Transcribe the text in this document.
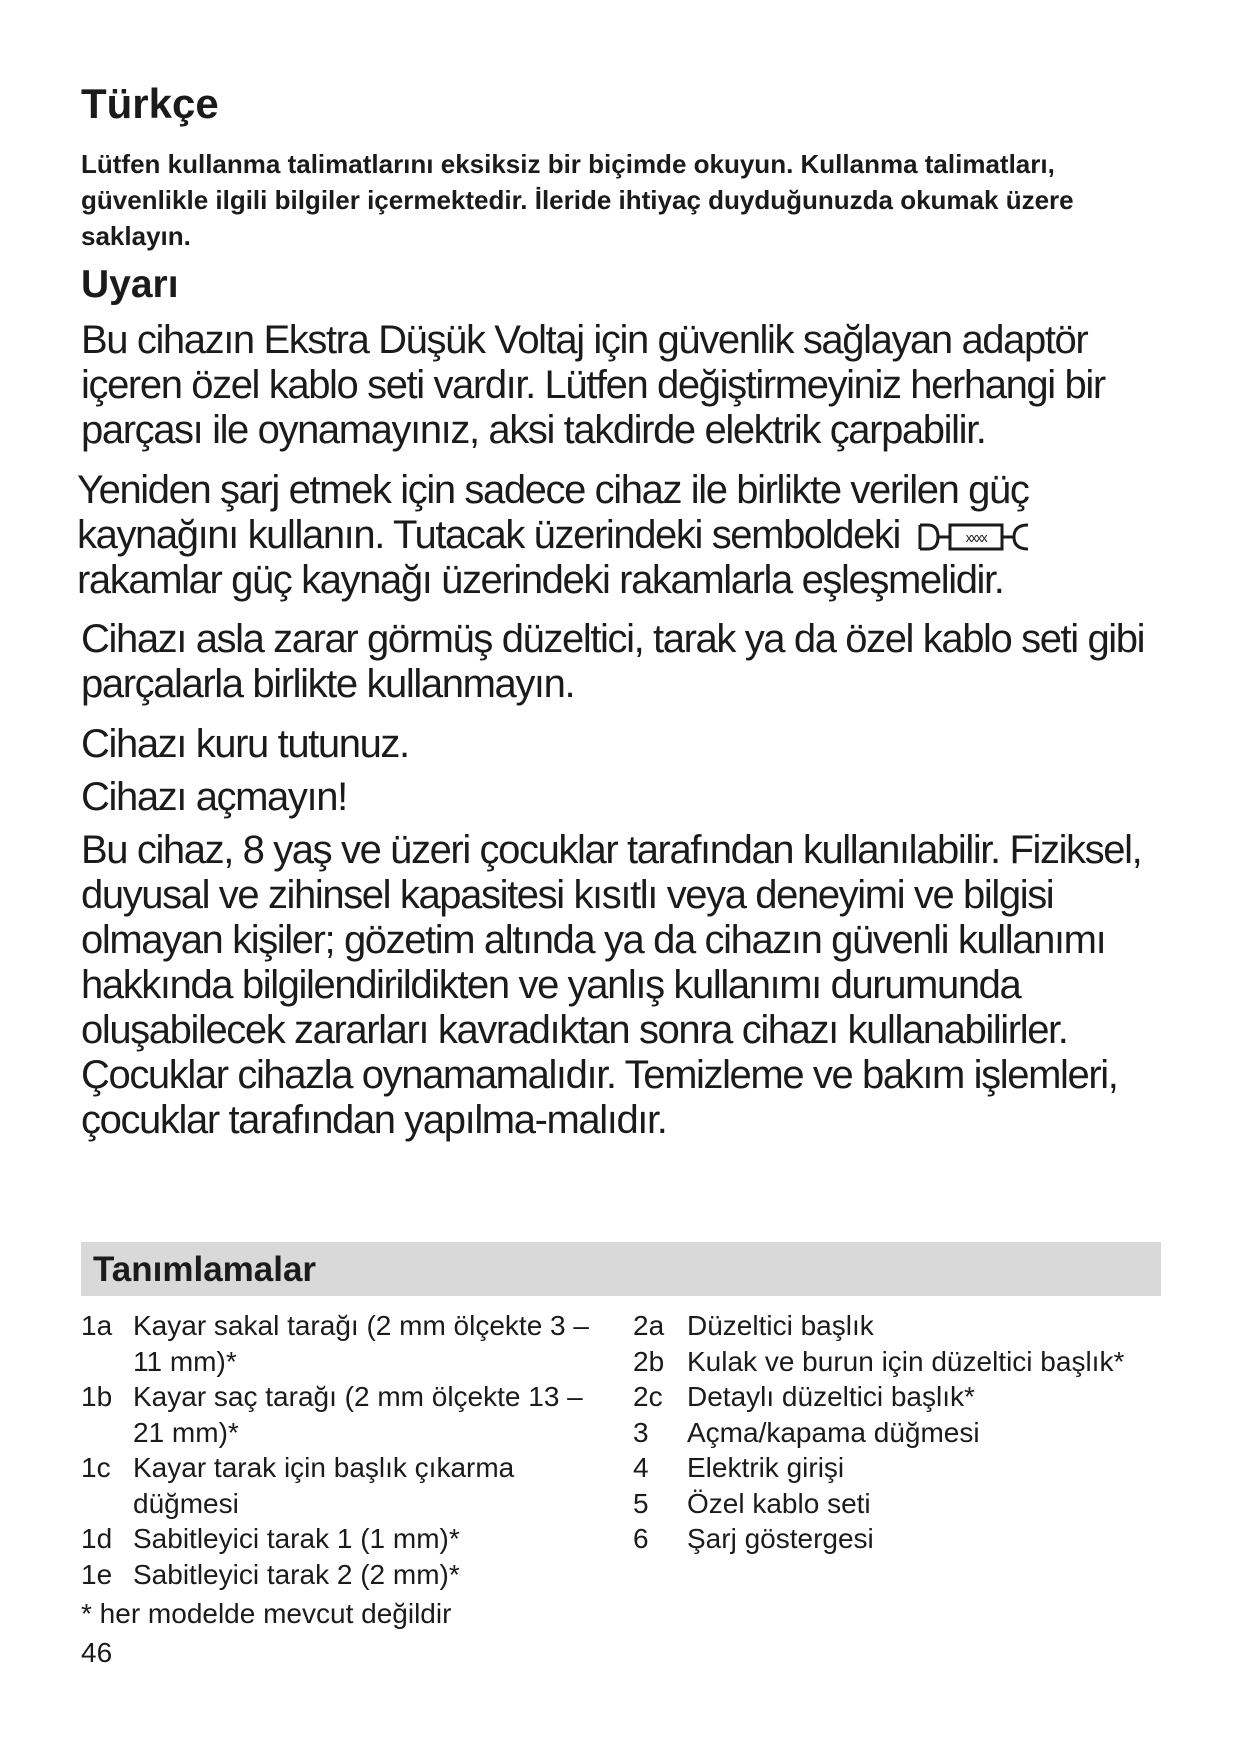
Türkçe

Lütfen kullanma talimatlarını eksiksiz bir biçimde okuyun. Kullanma talimatları, güvenlikle ilgili bilgiler içermektedir. İleride ihtiyaç duyduğunuzda okumak üzere saklayın.

Uyarı

Bu cihazın Ekstra Düşük Voltaj için güvenlik sağlayan adaptör içeren özel kablo seti vardır. Lütfen değiştirmeyiniz herhangi bir parçası ile oynamayınız, aksi takdirde elektrik çarpabilir.

Yeniden şarj etmek için sadece cihaz ile birlikte verilen güç kaynağını kullanın. Tutacak üzerindeki semboldeki	xxxx

rakamlar güç kaynağı üzerindeki rakamlarla eşleşmelidir.

Cihazı asla zarar görmüş düzeltici, tarak ya da özel kablo seti gibi parçalarla birlikte kullanmayın.

Cihazı kuru tutunuz.

Cihazı açmayın!

Bu cihaz, 8 yaş ve üzeri çocuklar tarafından kullanılabilir. Fiziksel, duyusal ve zihinsel kapasitesi kısıtlı veya deneyimi ve bilgisi olmayan kişiler; gözetim altında ya da cihazın güvenli kullanımı hakkında bilgilendirildikten ve yanlış kullanımı durumunda oluşabilecek zararları kavradıktan sonra cihazı kullanabilirler. Çocuklar cihazla oynamamalıdır. Temizleme ve bakım işlemleri, çocuklar tarafından yapılma-malıdır.

Tanımlamalar
1a Kayar sakal tarağı (2 mm ölçekte 3 – 11 mm)*
1b Kayar saç tarağı (2 mm ölçekte 13 – 21 mm)*
1c Kayar tarak için başlık çıkarma düğmesi
1d Sabitleyici tarak 1 (1 mm)*
1e Sabitleyici tarak 2 (2 mm)*
2a Düzeltici başlık
2b Kulak ve burun için düzeltici başlık*
2c Detaylı düzeltici başlık*
3 Açma/kapama düğmesi
4 Elektrik girişi
5 Özel kablo seti
6 Şarj göstergesi

* her modelde mevcut değildir

46
